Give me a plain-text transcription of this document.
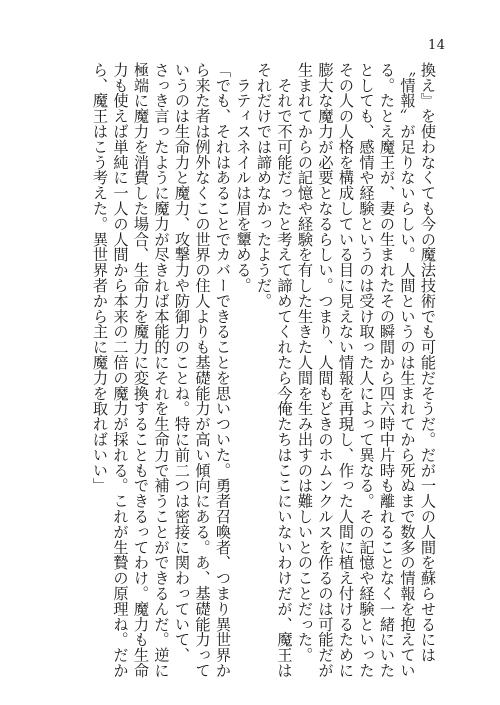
14
換え』を使わなくても今の魔法技術でも可能だそうだ。だが一人の人間を蘇らせるには
〝情報〟が足りないらしい。人間というのは生まれてから死ぬまで数多の情報を抱えてい
る。たとえ魔王が、妻の生まれたその瞬間から四六時中片時も離れることなく一緒にいた
としても、感情や経験というのは受け取った人によって異なる。その記憶や経験といった
その人の人格を構成している目に見えない情報を再現し、作った人間に植え付けるために
膨大な魔力が必要となるらしい。つまり、人間もどきのホムンクルスを作るのは可能だが
生まれてからの記憶や経験を有した生きた人間を生み出すのは難しいとのことだった。
　それで不可能だったと考えて諦めてくれたら今俺たちはここにいないわけだが、魔王は
それだけでは諦めなかったようだ。
　ラティスネイルは眉を顰める。
「でも、それはあることでカバーできることを思いついた。勇者召喚者、つまり異世界か
ら来た者は例外なくこの世界の住人よりも基礎能力が高い傾向にある。あ、基礎能力って
いうのは生命力と魔力、攻撃力や防御力のことね。特に前二つは密接に関わっていて、
さっき言ったように魔力が尽きれば本能的にそれを生命力で補うことができるんだ。逆に
極端に魔力を消費した場合、生命力を魔力に変換することもできるってわけ。魔力も生命
力も使えば単純に一人の人間から本来の二倍の魔力が採れる。これが生贄の原理ね。だか
ら、魔王はこう考えた。異世界者から主に魔力を取ればいい」
